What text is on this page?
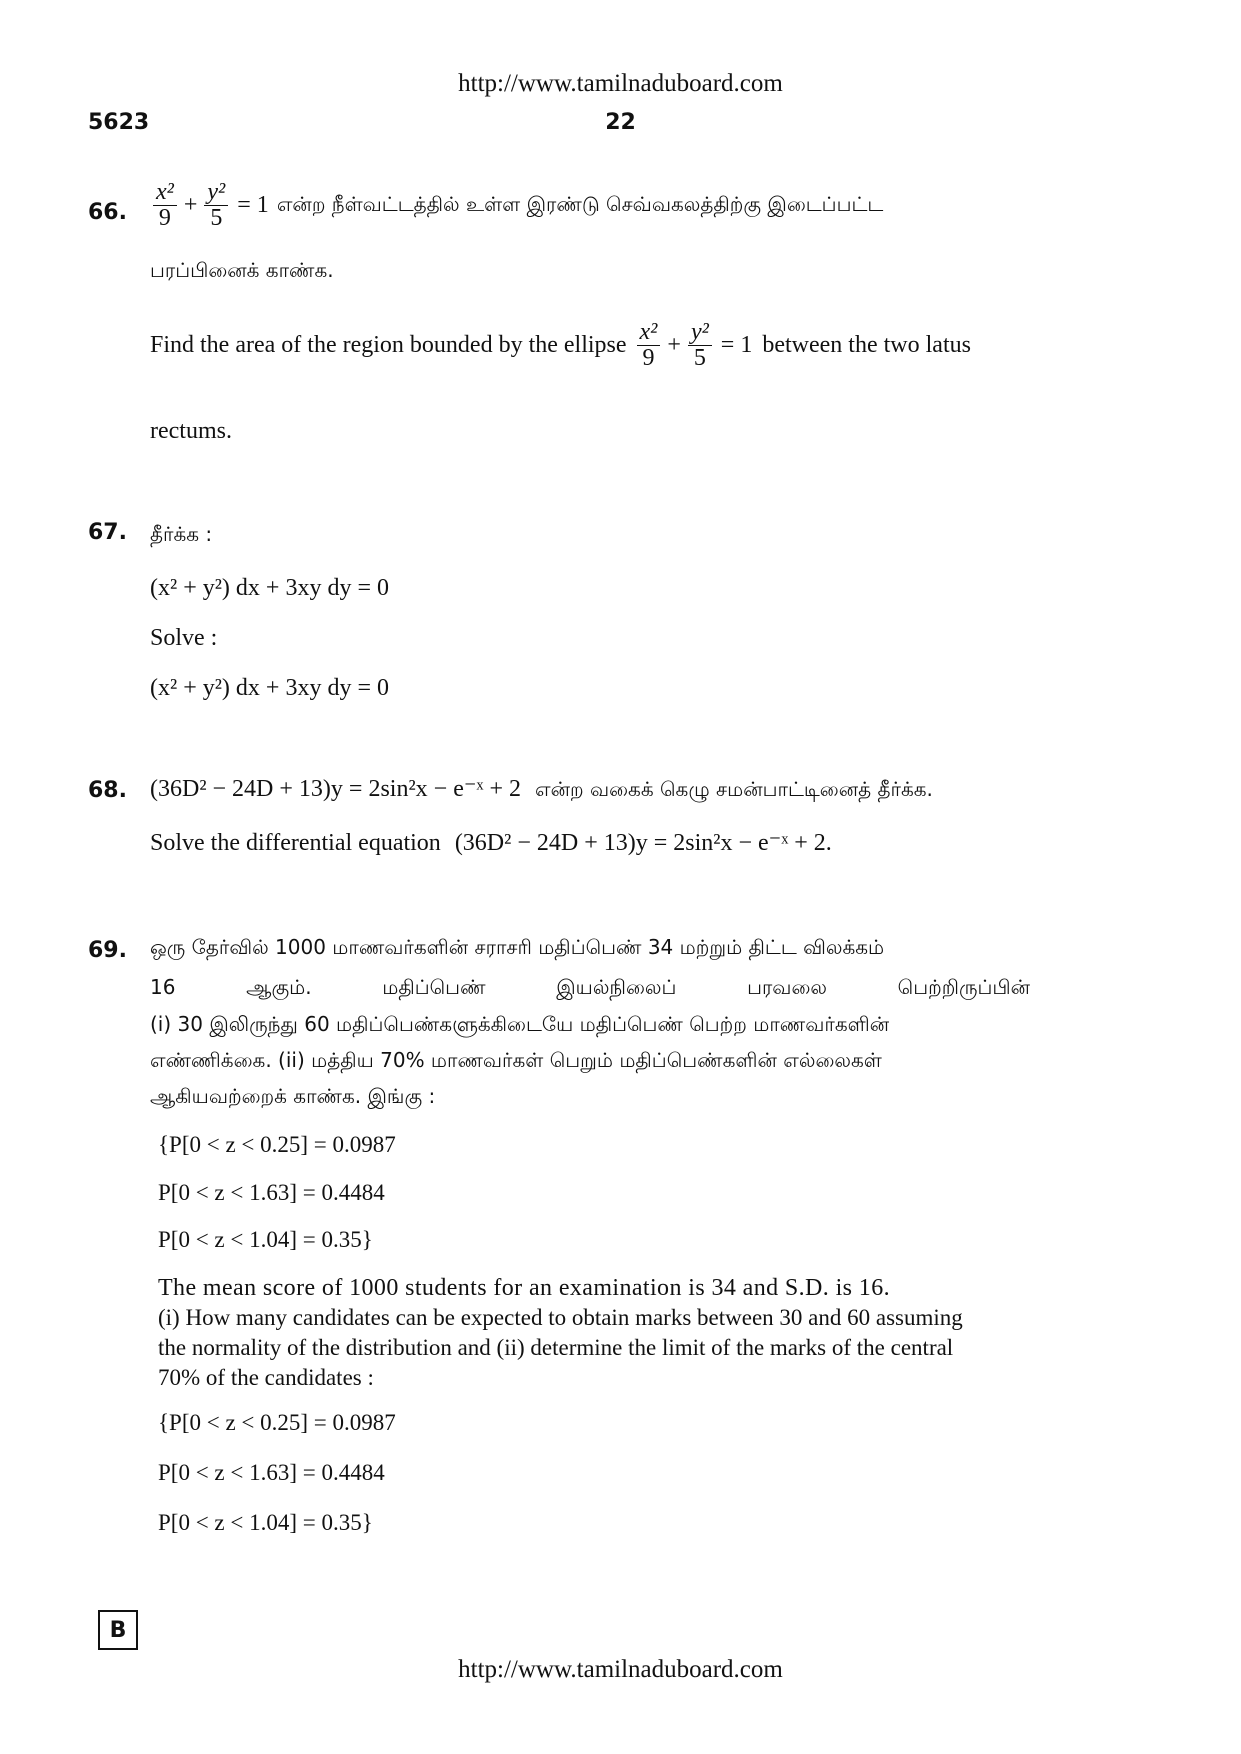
http://www.tamilnaduboard.com
5623	22
66. $\frac{\text{x²}}{9} + \frac{\text{y²}}{5} = 1$ என்ற நீள்வட்டத்தில் உள்ள இரண்டு செவ்வகலத்திற்கு இடைப்பட்ட
பரப்பினைக் காண்க.
Find the area of the region bounded by the ellipse $\frac{\text{x²}}{9} + \frac{\text{y²}}{5} = 1$ between the two latus
rectums.
67. தீர்க்க :
(x² + y²) dx + 3xy dy = 0
Solve :
(x² + y²) dx + 3xy dy = 0
68. (36D² − 24D + 13)y = 2sin²x − e⁻ˣ + 2 என்ற வகைக் கெழு சமன்பாட்டினைத் தீர்க்க.
Solve the differential equation (36D² − 24D + 13)y = 2sin²x − e⁻ˣ + 2.
69. ஒரு தேர்வில் 1000 மாணவர்களின் சராசரி மதிப்பெண் 34 மற்றும் திட்ட விலக்கம்
16 ஆகும். மதிப்பெண் இயல்நிலைப் பரவலை பெற்றிருப்பின்
(i) 30 இலிருந்து 60 மதிப்பெண்களுக்கிடையே மதிப்பெண் பெற்ற மாணவர்களின்
எண்ணிக்கை. (ii) மத்திய 70% மாணவர்கள் பெறும் மதிப்பெண்களின் எல்லைகள்
ஆகியவற்றைக் காண்க. இங்கு :
{P[0 < z < 0.25] = 0.0987
P[0 < z < 1.63] = 0.4484
P[0 < z < 1.04] = 0.35}
The mean score of 1000 students for an examination is 34 and S.D. is 16.
(i) How many candidates can be expected to obtain marks between 30 and 60 assuming
the normality of the distribution and (ii) determine the limit of the marks of the central
70% of the candidates :
{P[0 < z < 0.25] = 0.0987
P[0 < z < 1.63] = 0.4484
P[0 < z < 1.04] = 0.35}
B
http://www.tamilnaduboard.com
